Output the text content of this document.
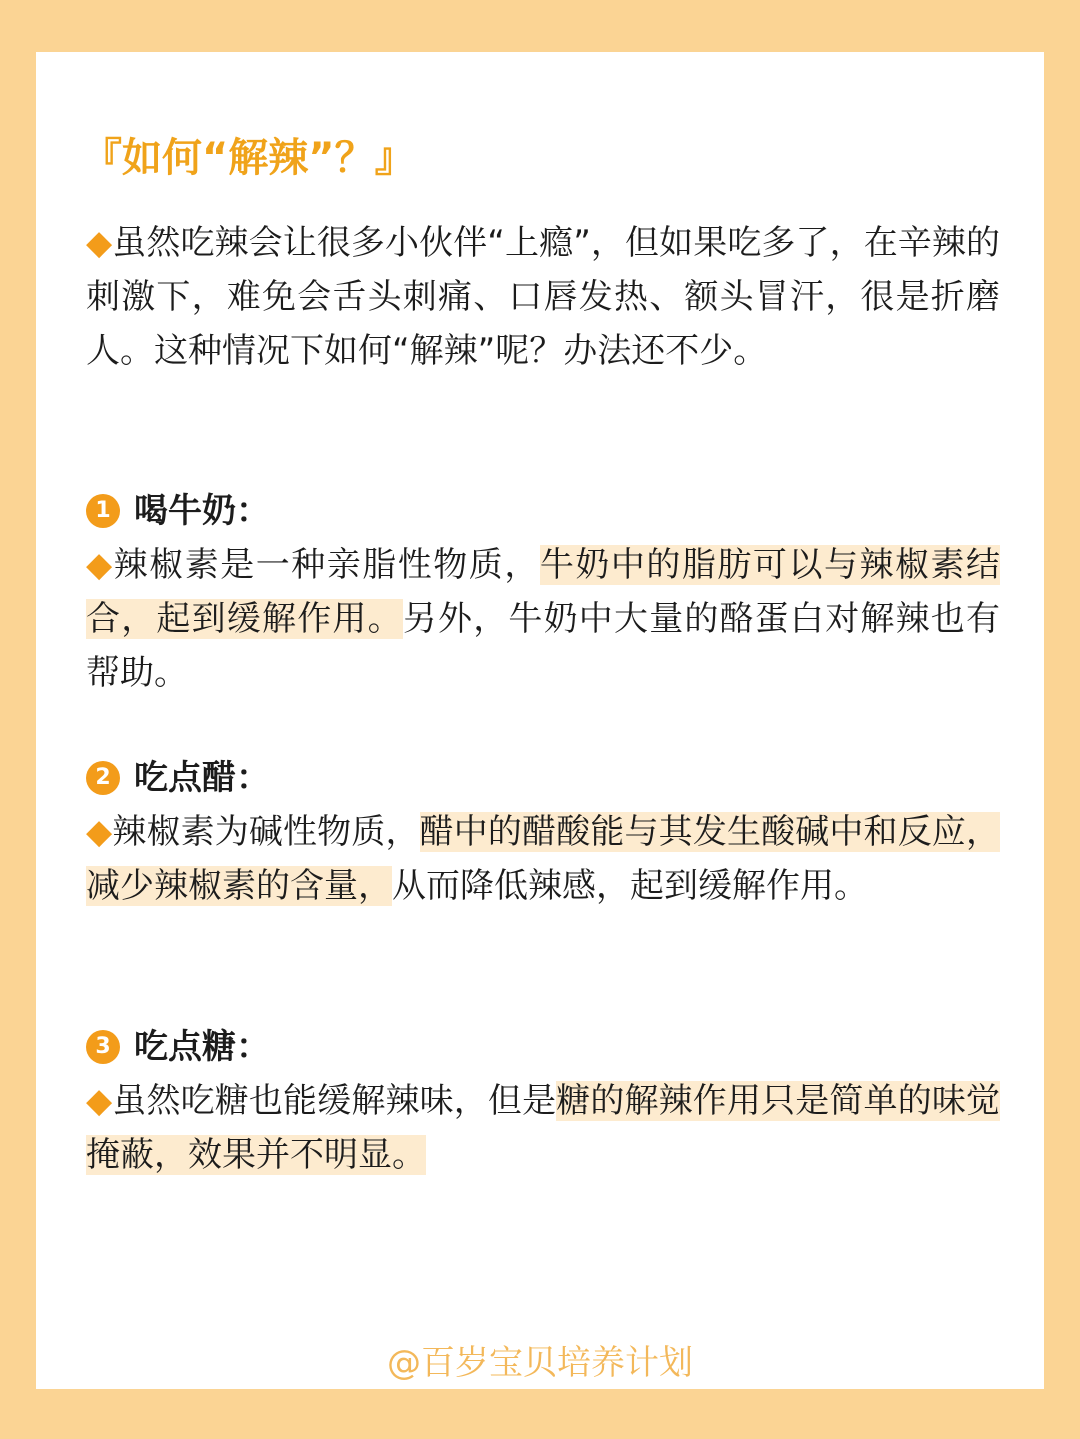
『如何“解辣”？』

◆虽然吃辣会让很多小伙伴“上瘾”，但如果吃多了，在辛辣的刺激下，难免会舌头刺痛、口唇发热、额头冒汗，很是折磨人。这种情况下如何“解辣”呢？办法还不少。

1 喝牛奶：

◆辣椒素是一种亲脂性物质，牛奶中的脂肪可以与辣椒素结合，起到缓解作用。另外，牛奶中大量的酪蛋白对解辣也有帮助。

2 吃点醋：

◆辣椒素为碱性物质，醋中的醋酸能与其发生酸碱中和反应，减少辣椒素的含量，从而降低辣感，起到缓解作用。

3 吃点糖：

◆虽然吃糖也能缓解辣味，但是糖的解辣作用只是简单的味觉掩蔽，效果并不明显。

@百岁宝贝培养计划
